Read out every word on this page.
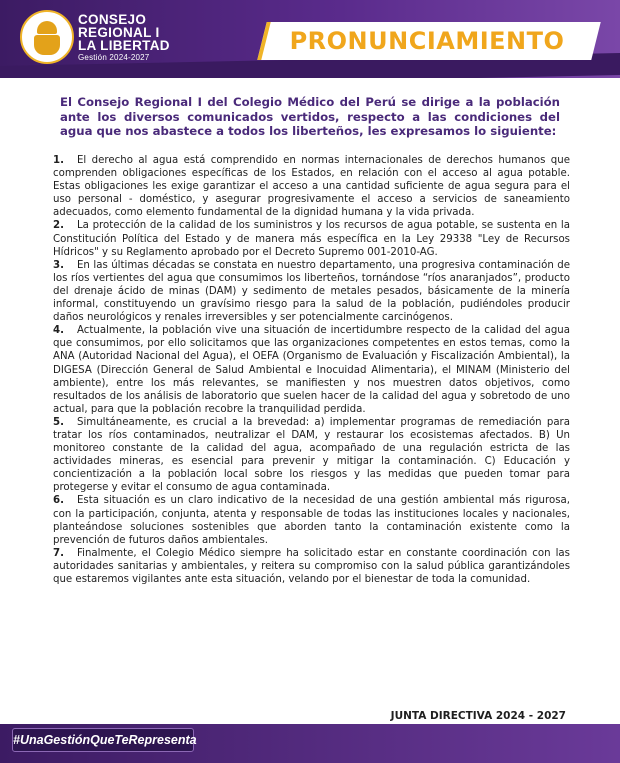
CONSEJO
REGIONAL I
LA LIBERTAD
Gestión 2024-2027
PRONUNCIAMIENTO

El Consejo Regional I del Colegio Médico del Perú se dirige a la población ante los diversos comunicados vertidos, respecto a las condiciones del agua que nos abastece a todos los liberteños, les expresamos lo siguiente:

1. El derecho al agua está comprendido en normas internacionales de derechos humanos que comprenden obligaciones específicas de los Estados, en relación con el acceso al agua potable. Estas obligaciones les exige garantizar el acceso a una cantidad suficiente de agua segura para el uso personal - doméstico, y asegurar progresivamente el acceso a servicios de saneamiento adecuados, como elemento fundamental de la dignidad humana y la vida privada.

2. La protección de la calidad de los suministros y los recursos de agua potable, se sustenta en la Constitución Política del Estado y de manera más específica en la Ley 29338 "Ley de Recursos Hídricos" y su Reglamento aprobado por el Decreto Supremo 001-2010-AG.

3. En las últimas décadas se constata en nuestro departamento, una progresiva contaminación de los ríos vertientes del agua que consumimos los liberteños, tornándose “ríos anaranjados”, producto del drenaje ácido de minas (DAM) y sedimento de metales pesados, básicamente de la minería informal, constituyendo un gravísimo riesgo para la salud de la población, pudiéndoles producir daños neurológicos y renales irreversibles y ser potencialmente carcinógenos.

4. Actualmente, la población vive una situación de incertidumbre respecto de la calidad del agua que consumimos, por ello solicitamos que las organizaciones competentes en estos temas, como la ANA (Autoridad Nacional del Agua), el OEFA (Organismo de Evaluación y Fiscalización Ambiental), la DIGESA (Dirección General de Salud Ambiental e Inocuidad Alimentaria), el MINAM (Ministerio del ambiente), entre los más relevantes, se manifiesten y nos muestren datos objetivos, como resultados de los análisis de laboratorio que suelen hacer de la calidad del agua y sobretodo de uno actual, para que la población recobre la tranquilidad perdida.

5. Simultáneamente, es crucial a la brevedad: a) implementar programas de remediación para tratar los ríos contaminados, neutralizar el DAM, y restaurar los ecosistemas afectados. B) Un monitoreo constante de la calidad del agua, acompañado de una regulación estricta de las actividades mineras, es esencial para prevenir y mitigar la contaminación. C) Educación y concientización a la población local sobre los riesgos y las medidas que pueden tomar para protegerse y evitar el consumo de agua contaminada.

6. Esta situación es un claro indicativo de la necesidad de una gestión ambiental más rigurosa, con la participación, conjunta, atenta y responsable de todas las instituciones locales y nacionales, planteándose soluciones sostenibles que aborden tanto la contaminación existente como la prevención de futuros daños ambientales.

7. Finalmente, el Colegio Médico siempre ha solicitado estar en constante coordinación con las autoridades sanitarias y ambientales, y reitera su compromiso con la salud pública garantizándoles que estaremos vigilantes ante esta situación, velando por el bienestar de toda la comunidad.

JUNTA DIRECTIVA 2024 - 2027
#UnaGestiónQueTeRepresenta
